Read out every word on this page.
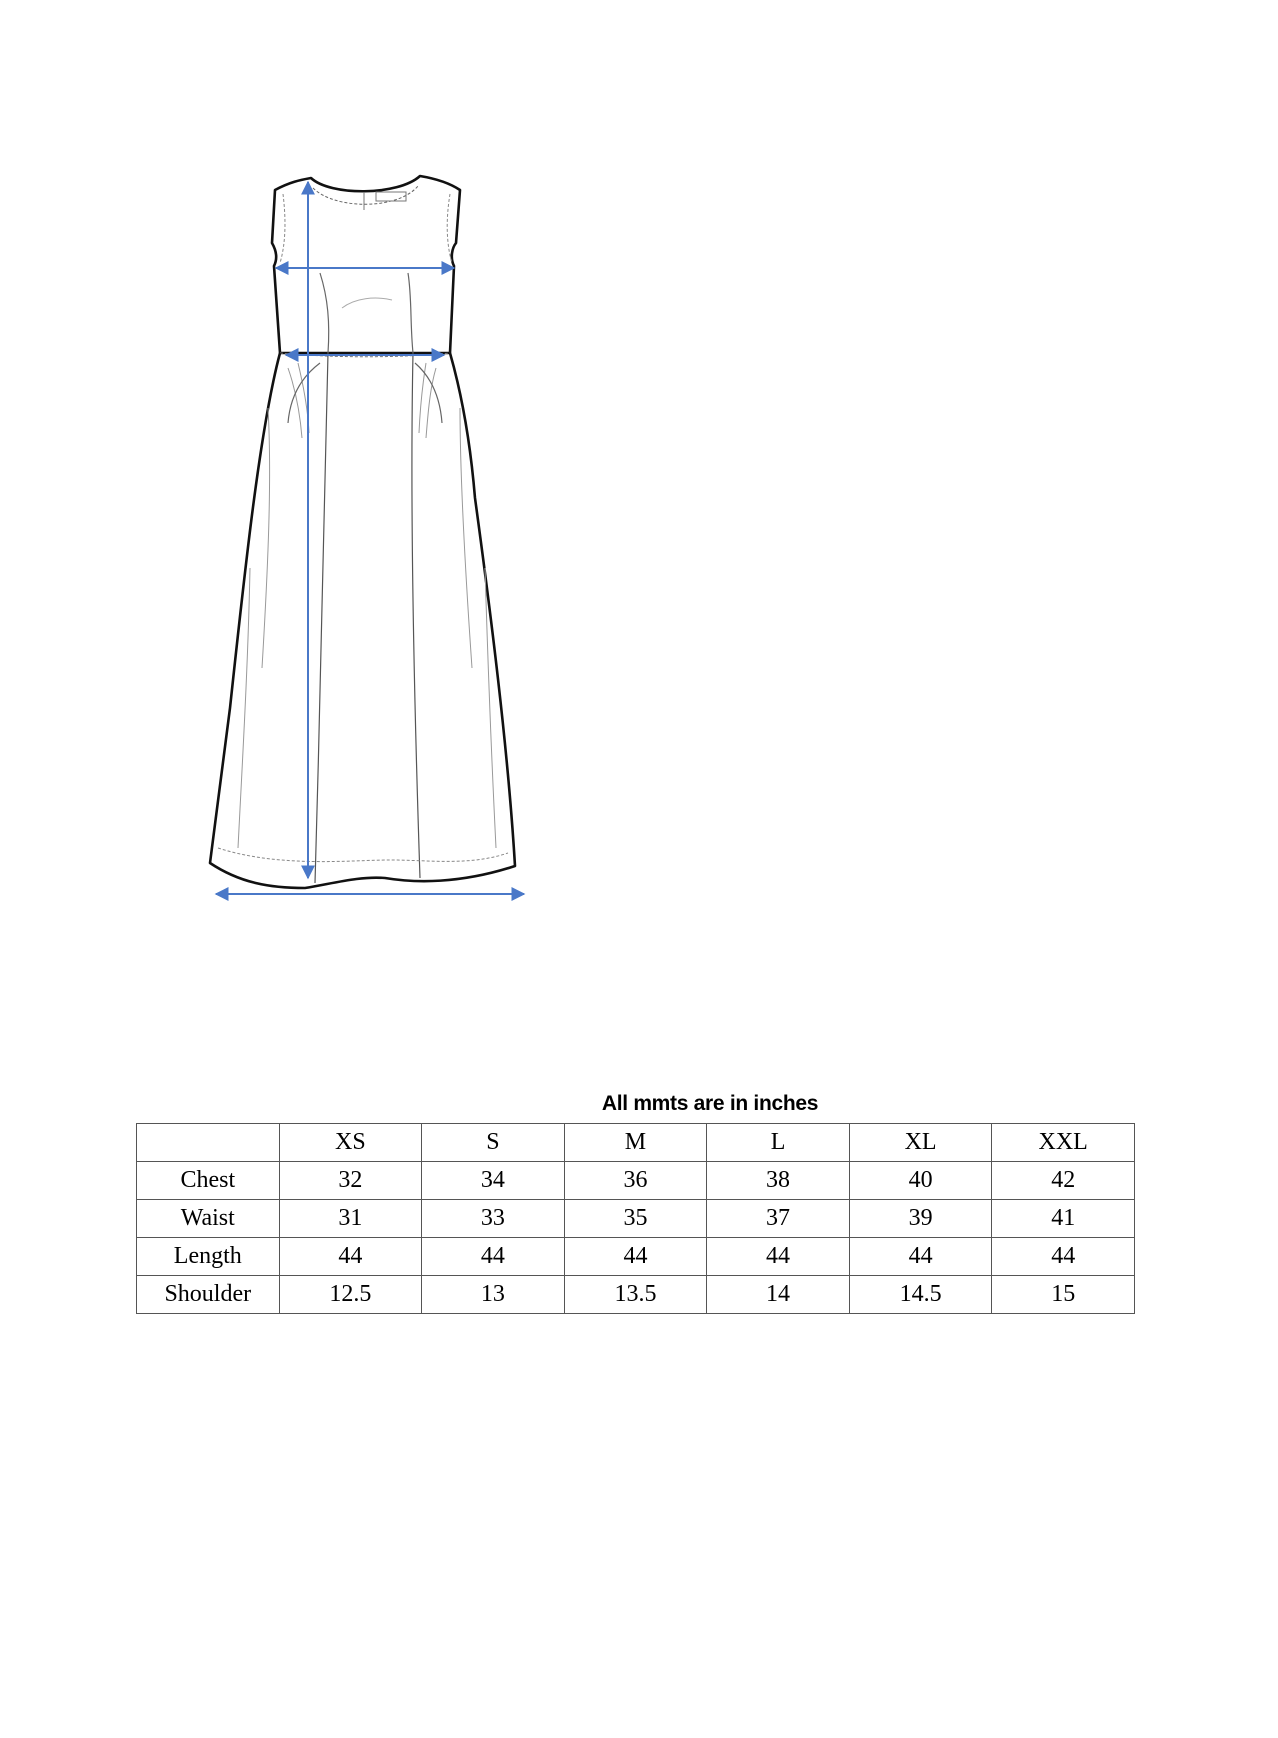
All mmts are in inches
	XS	S	M	L	XL	XXL
Chest	32	34	36	38	40	42
Waist	31	33	35	37	39	41
Length	44	44	44	44	44	44
Shoulder	12.5	13	13.5	14	14.5	15
